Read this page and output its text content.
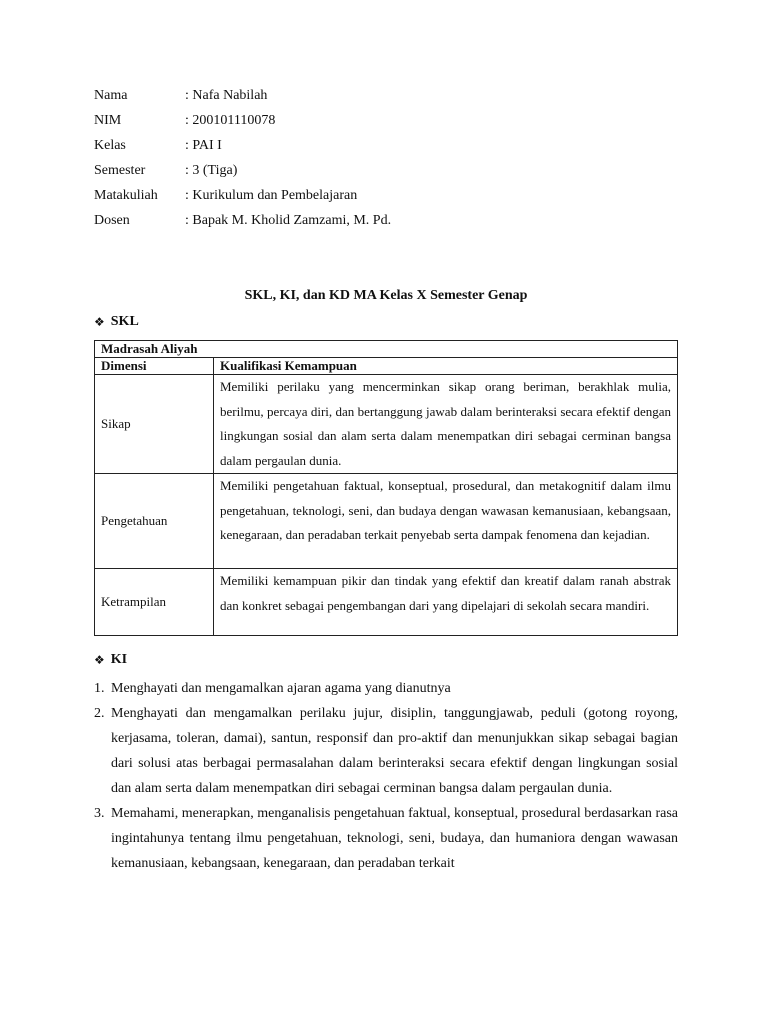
Nama	: Nafa Nabilah
NIM	: 200101110078
Kelas	: PAI I
Semester	: 3 (Tiga)
Matakuliah	: Kurikulum dan Pembelajaran
Dosen	: Bapak M. Kholid Zamzami, M. Pd.
SKL, KI, dan KD MA Kelas X Semester Genap
❖ SKL
Madrasah Aliyah	
Dimensi	Kualifikasi Kemampuan
Sikap	Memiliki perilaku yang mencerminkan sikap orang beriman, berakhlak mulia, berilmu, percaya diri, dan bertanggung jawab dalam berinteraksi secara efektif dengan lingkungan sosial dan alam serta dalam menempatkan diri sebagai cerminan bangsa dalam pergaulan dunia.
Pengetahuan	Memiliki pengetahuan faktual, konseptual, prosedural, dan metakognitif dalam ilmu pengetahuan, teknologi, seni, dan budaya dengan wawasan kemanusiaan, kebangsaan, kenegaraan, dan peradaban terkait penyebab serta dampak fenomena dan kejadian.
Ketrampilan	Memiliki kemampuan pikir dan tindak yang efektif dan kreatif dalam ranah abstrak dan konkret sebagai pengembangan dari yang dipelajari di sekolah secara mandiri.
❖ KI
1. Menghayati dan mengamalkan ajaran agama yang dianutnya
2. Menghayati dan mengamalkan perilaku jujur, disiplin, tanggungjawab, peduli (gotong royong, kerjasama, toleran, damai), santun, responsif dan pro-aktif dan menunjukkan sikap sebagai bagian dari solusi atas berbagai permasalahan dalam berinteraksi secara efektif dengan lingkungan sosial dan alam serta dalam menempatkan diri sebagai cerminan bangsa dalam pergaulan dunia.
3. Memahami, menerapkan, menganalisis pengetahuan faktual, konseptual, prosedural berdasarkan rasa ingintahunya tentang ilmu pengetahuan, teknologi, seni, budaya, dan humaniora dengan wawasan kemanusiaan, kebangsaan, kenegaraan, dan peradaban terkait
